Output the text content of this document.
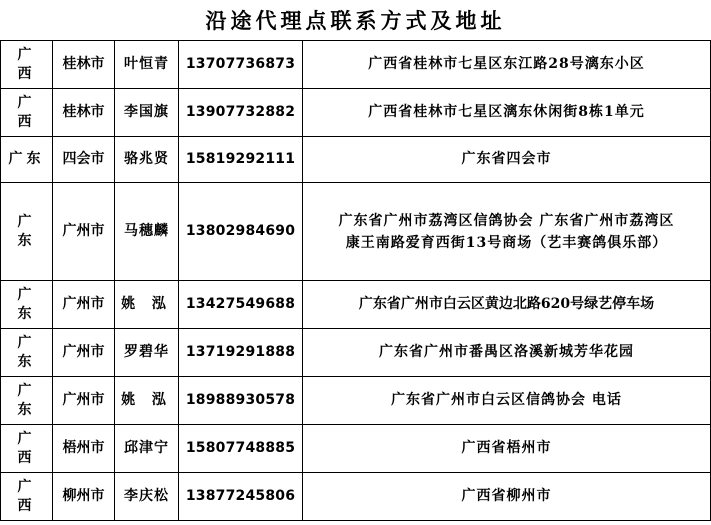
沿途代理点联系方式及地址
广 西	桂林市	叶恒青	13707736873	广西省桂林市七星区东江路28号漓东小区
广 西	桂林市	李国旗	13907732882	广西省桂林市七星区漓东休闲街8栋1单元
广东	四会市	骆兆贤	15819292111	广东省四会市
广 东	广州市	马穗麟	13802984690	广东省广州市荔湾区信鸽协会 广东省广州市荔湾区
康王南路爱育西街13号商场（艺丰赛鸽俱乐部）

广 东	广州市	姚 泓	13427549688	广东省广州市白云区黄边北路620号绿艺停车场
广 东	广州市	罗碧华	13719291888	广东省广州市番禺区洛溪新城芳华花园
广 东	广州市	姚 泓	18988930578	广东省广州市白云区信鸽协会 电话
广 西	梧州市	邱津宁	15807748885	广西省梧州市
广 西	柳州市	李庆松	13877245806	广西省柳州市
